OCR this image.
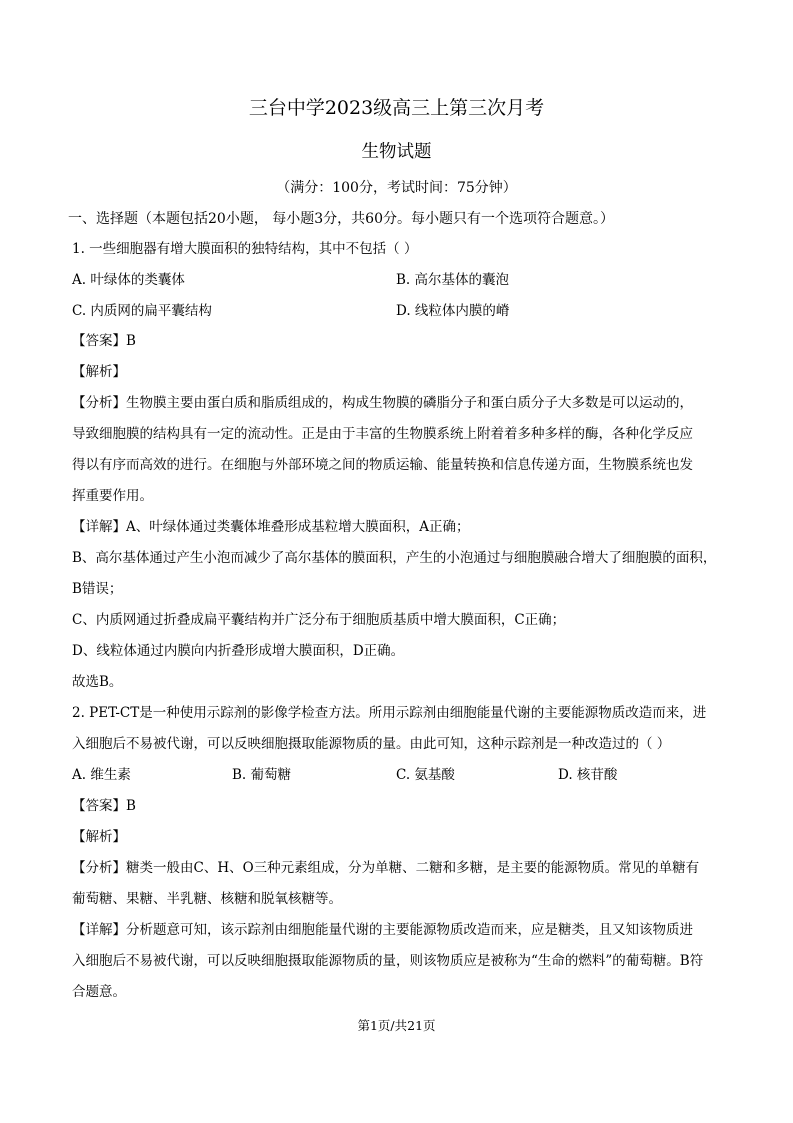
三台中学2023级高三上第三次月考
生物试题
（满分：100分，考试时间：75分钟）
一、选择题（本题包括20小题， 每小题3分，共60分。每小题只有一个选项符合题意。）
1. 一些细胞器有增大膜面积的独特结构，其中不包括（ ）
A. 叶绿体的类囊体	B. 高尔基体的囊泡
C. 内质网的扁平囊结构	D. 线粒体内膜的嵴
【答案】B
【解析】
【分析】生物膜主要由蛋白质和脂质组成的，构成生物膜的磷脂分子和蛋白质分子大多数是可以运动的，
导致细胞膜的结构具有一定的流动性。正是由于丰富的生物膜系统上附着着多种多样的酶，各种化学反应
得以有序而高效的进行。在细胞与外部环境之间的物质运输、能量转换和信息传递方面，生物膜系统也发
挥重要作用。
【详解】A、叶绿体通过类囊体堆叠形成基粒增大膜面积，A正确；
B、高尔基体通过产生小泡而减少了高尔基体的膜面积，产生的小泡通过与细胞膜融合增大了细胞膜的面积，
B错误；
C、内质网通过折叠成扁平囊结构并广泛分布于细胞质基质中增大膜面积，C正确；
D、线粒体通过内膜向内折叠形成增大膜面积，D正确。
故选B。
2. PET-CT是一种使用示踪剂的影像学检查方法。所用示踪剂由细胞能量代谢的主要能源物质改造而来，进
入细胞后不易被代谢，可以反映细胞摄取能源物质的量。由此可知，这种示踪剂是一种改造过的（ ）
A. 维生素	B. 葡萄糖	C. 氨基酸	D. 核苷酸
【答案】B
【解析】
【分析】糖类一般由C、H、O三种元素组成，分为单糖、二糖和多糖，是主要的能源物质。常见的单糖有
葡萄糖、果糖、半乳糖、核糖和脱氧核糖等。
【详解】分析题意可知，该示踪剂由细胞能量代谢的主要能源物质改造而来，应是糖类，且又知该物质进
入细胞后不易被代谢，可以反映细胞摄取能源物质的量，则该物质应是被称为“生命的燃料”的葡萄糖。B符
合题意。
第1页/共21页
